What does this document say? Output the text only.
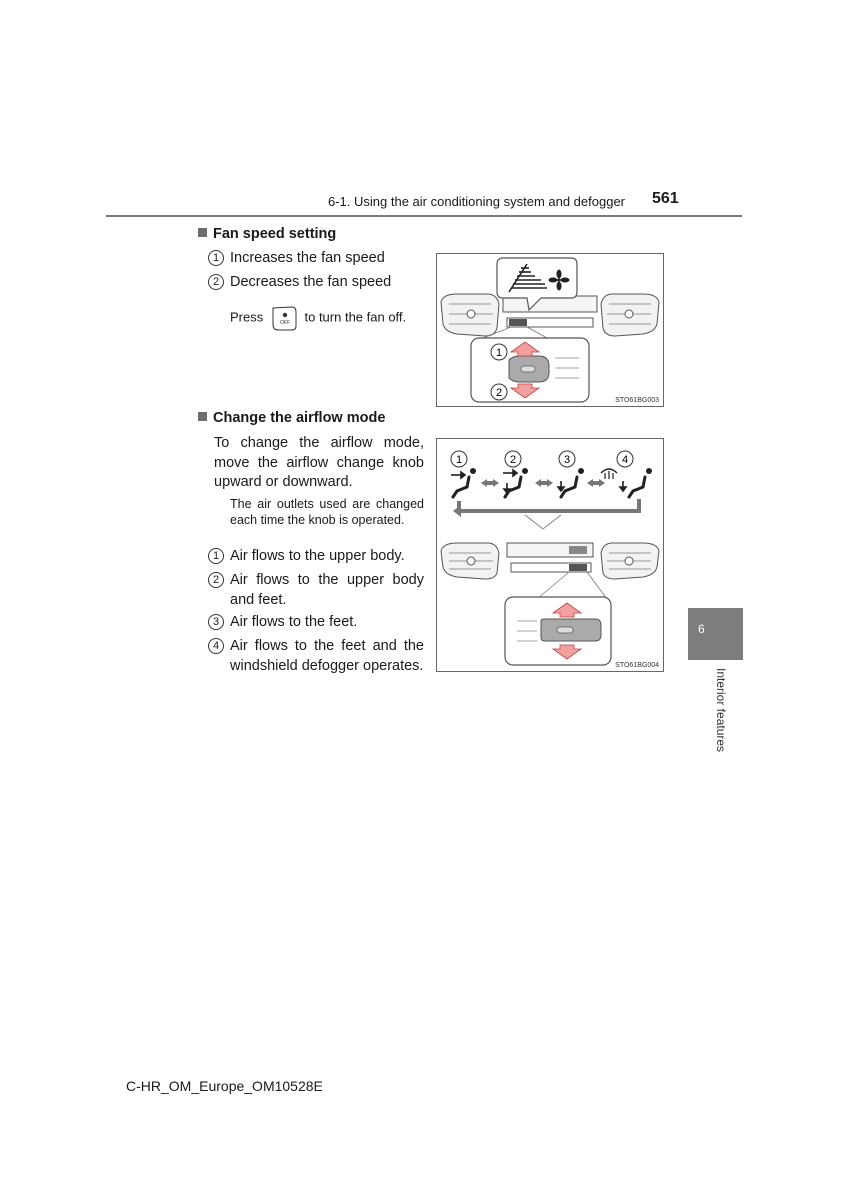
6-1. Using the air conditioning system and defogger 561
Fan speed setting
1 Increases the fan speed
2 Decreases the fan speed
Press	OFF to turn the fan off.
1
2
STO61BG003
Change the airflow mode
To change the airflow mode, move the airflow change knob upward or downward.
The air outlets used are changed each time the knob is operated.
1 Air flows to the upper body.
2 Air flows to the upper body and feet.
3 Air flows to the feet.
4 Air flows to the feet and the windshield defogger operates.
1	2	3	4
STO61BG004
6
Interior features
C-HR_OM_Europe_OM10528E
